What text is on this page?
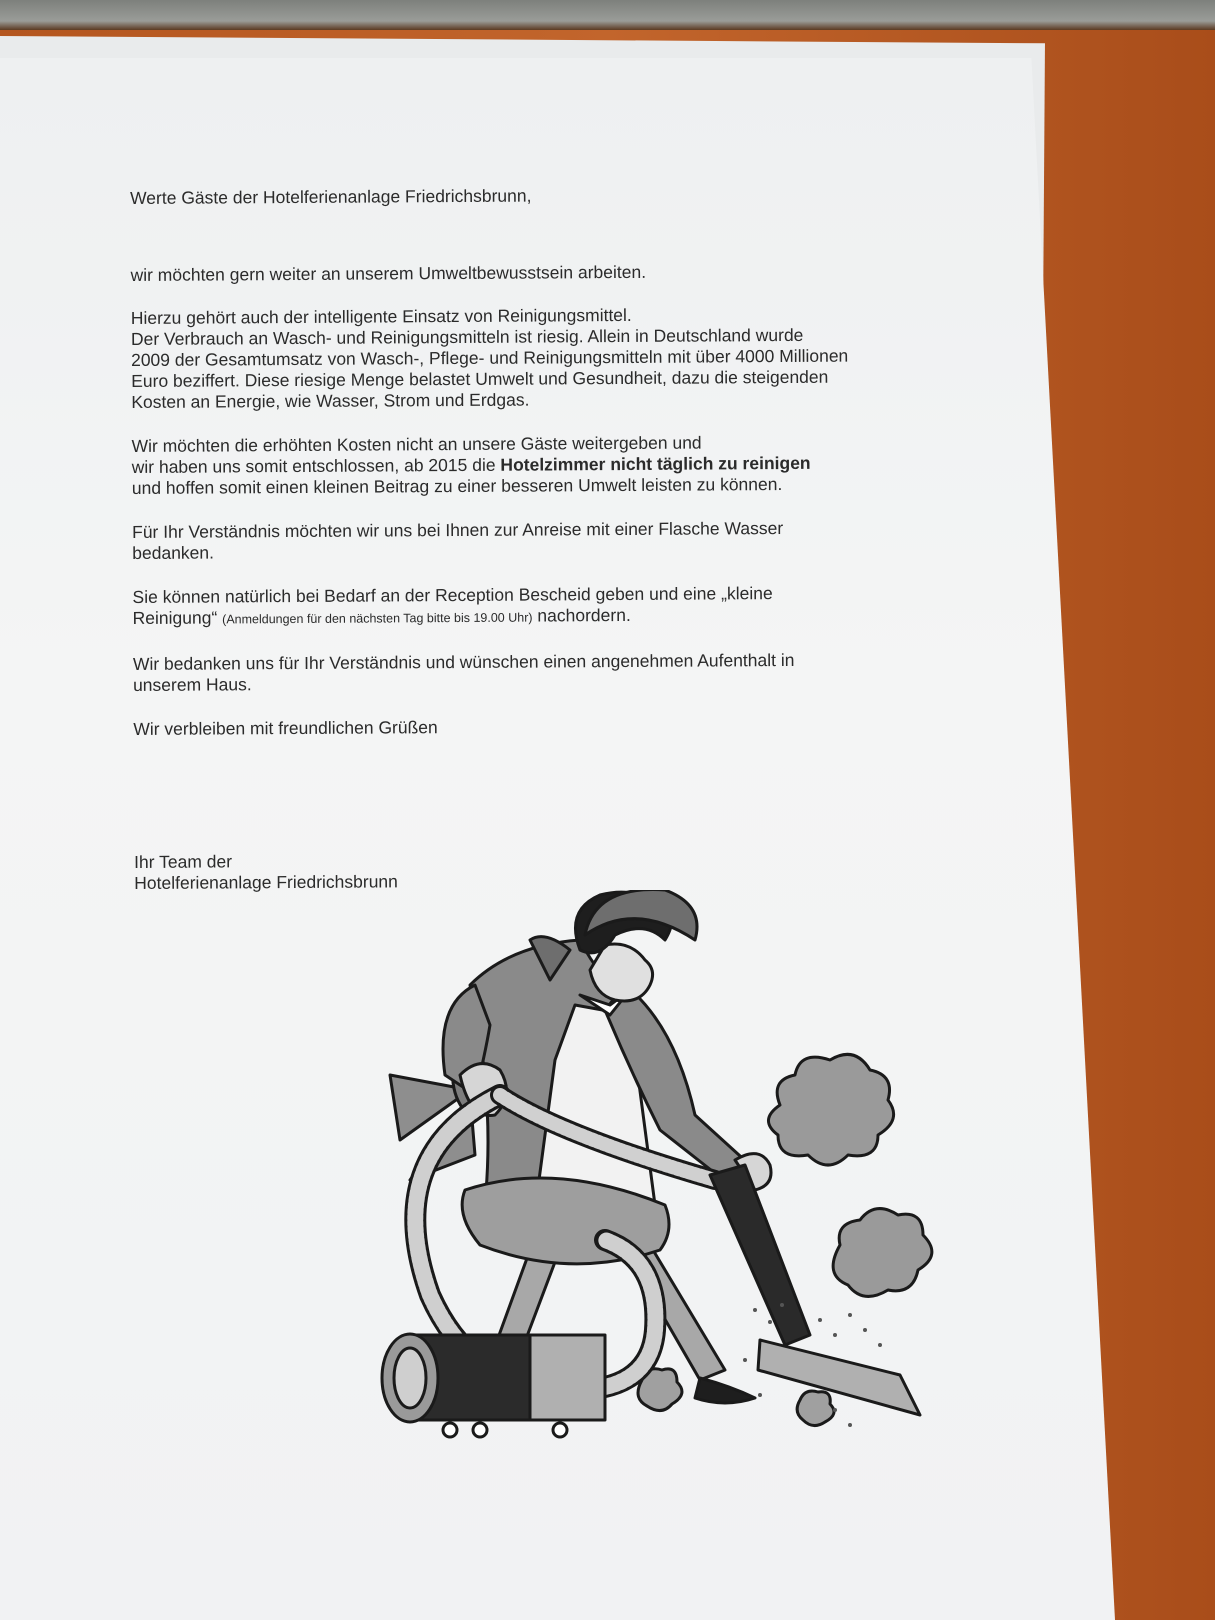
Werte Gäste der Hotelferienanlage Friedrichsbrunn,

wir möchten gern weiter an unserem Umweltbewusstsein arbeiten.

Hierzu gehört auch der intelligente Einsatz von Reinigungsmittel.
Der Verbrauch an Wasch- und Reinigungsmitteln ist riesig. Allein in Deutschland wurde
2009 der Gesamtumsatz von Wasch-, Pflege- und Reinigungsmitteln mit über 4000 Millionen
Euro beziffert. Diese riesige Menge belastet Umwelt und Gesundheit, dazu die steigenden
Kosten an Energie, wie Wasser, Strom und Erdgas.

Wir möchten die erhöhten Kosten nicht an unsere Gäste weitergeben und
wir haben uns somit entschlossen, ab 2015 die Hotelzimmer nicht täglich zu reinigen
und hoffen somit einen kleinen Beitrag zu einer besseren Umwelt leisten zu können.

Für Ihr Verständnis möchten wir uns bei Ihnen zur Anreise mit einer Flasche Wasser
bedanken.

Sie können natürlich bei Bedarf an der Reception Bescheid geben und eine „kleine
Reinigung“ (Anmeldungen für den nächsten Tag bitte bis 19.00 Uhr) nachordern.

Wir bedanken uns für Ihr Verständnis und wünschen einen angenehmen Aufenthalt in
unserem Haus.

Wir verbleiben mit freundlichen Grüßen

Ihr Team der
Hotelferienanlage Friedrichsbrunn
